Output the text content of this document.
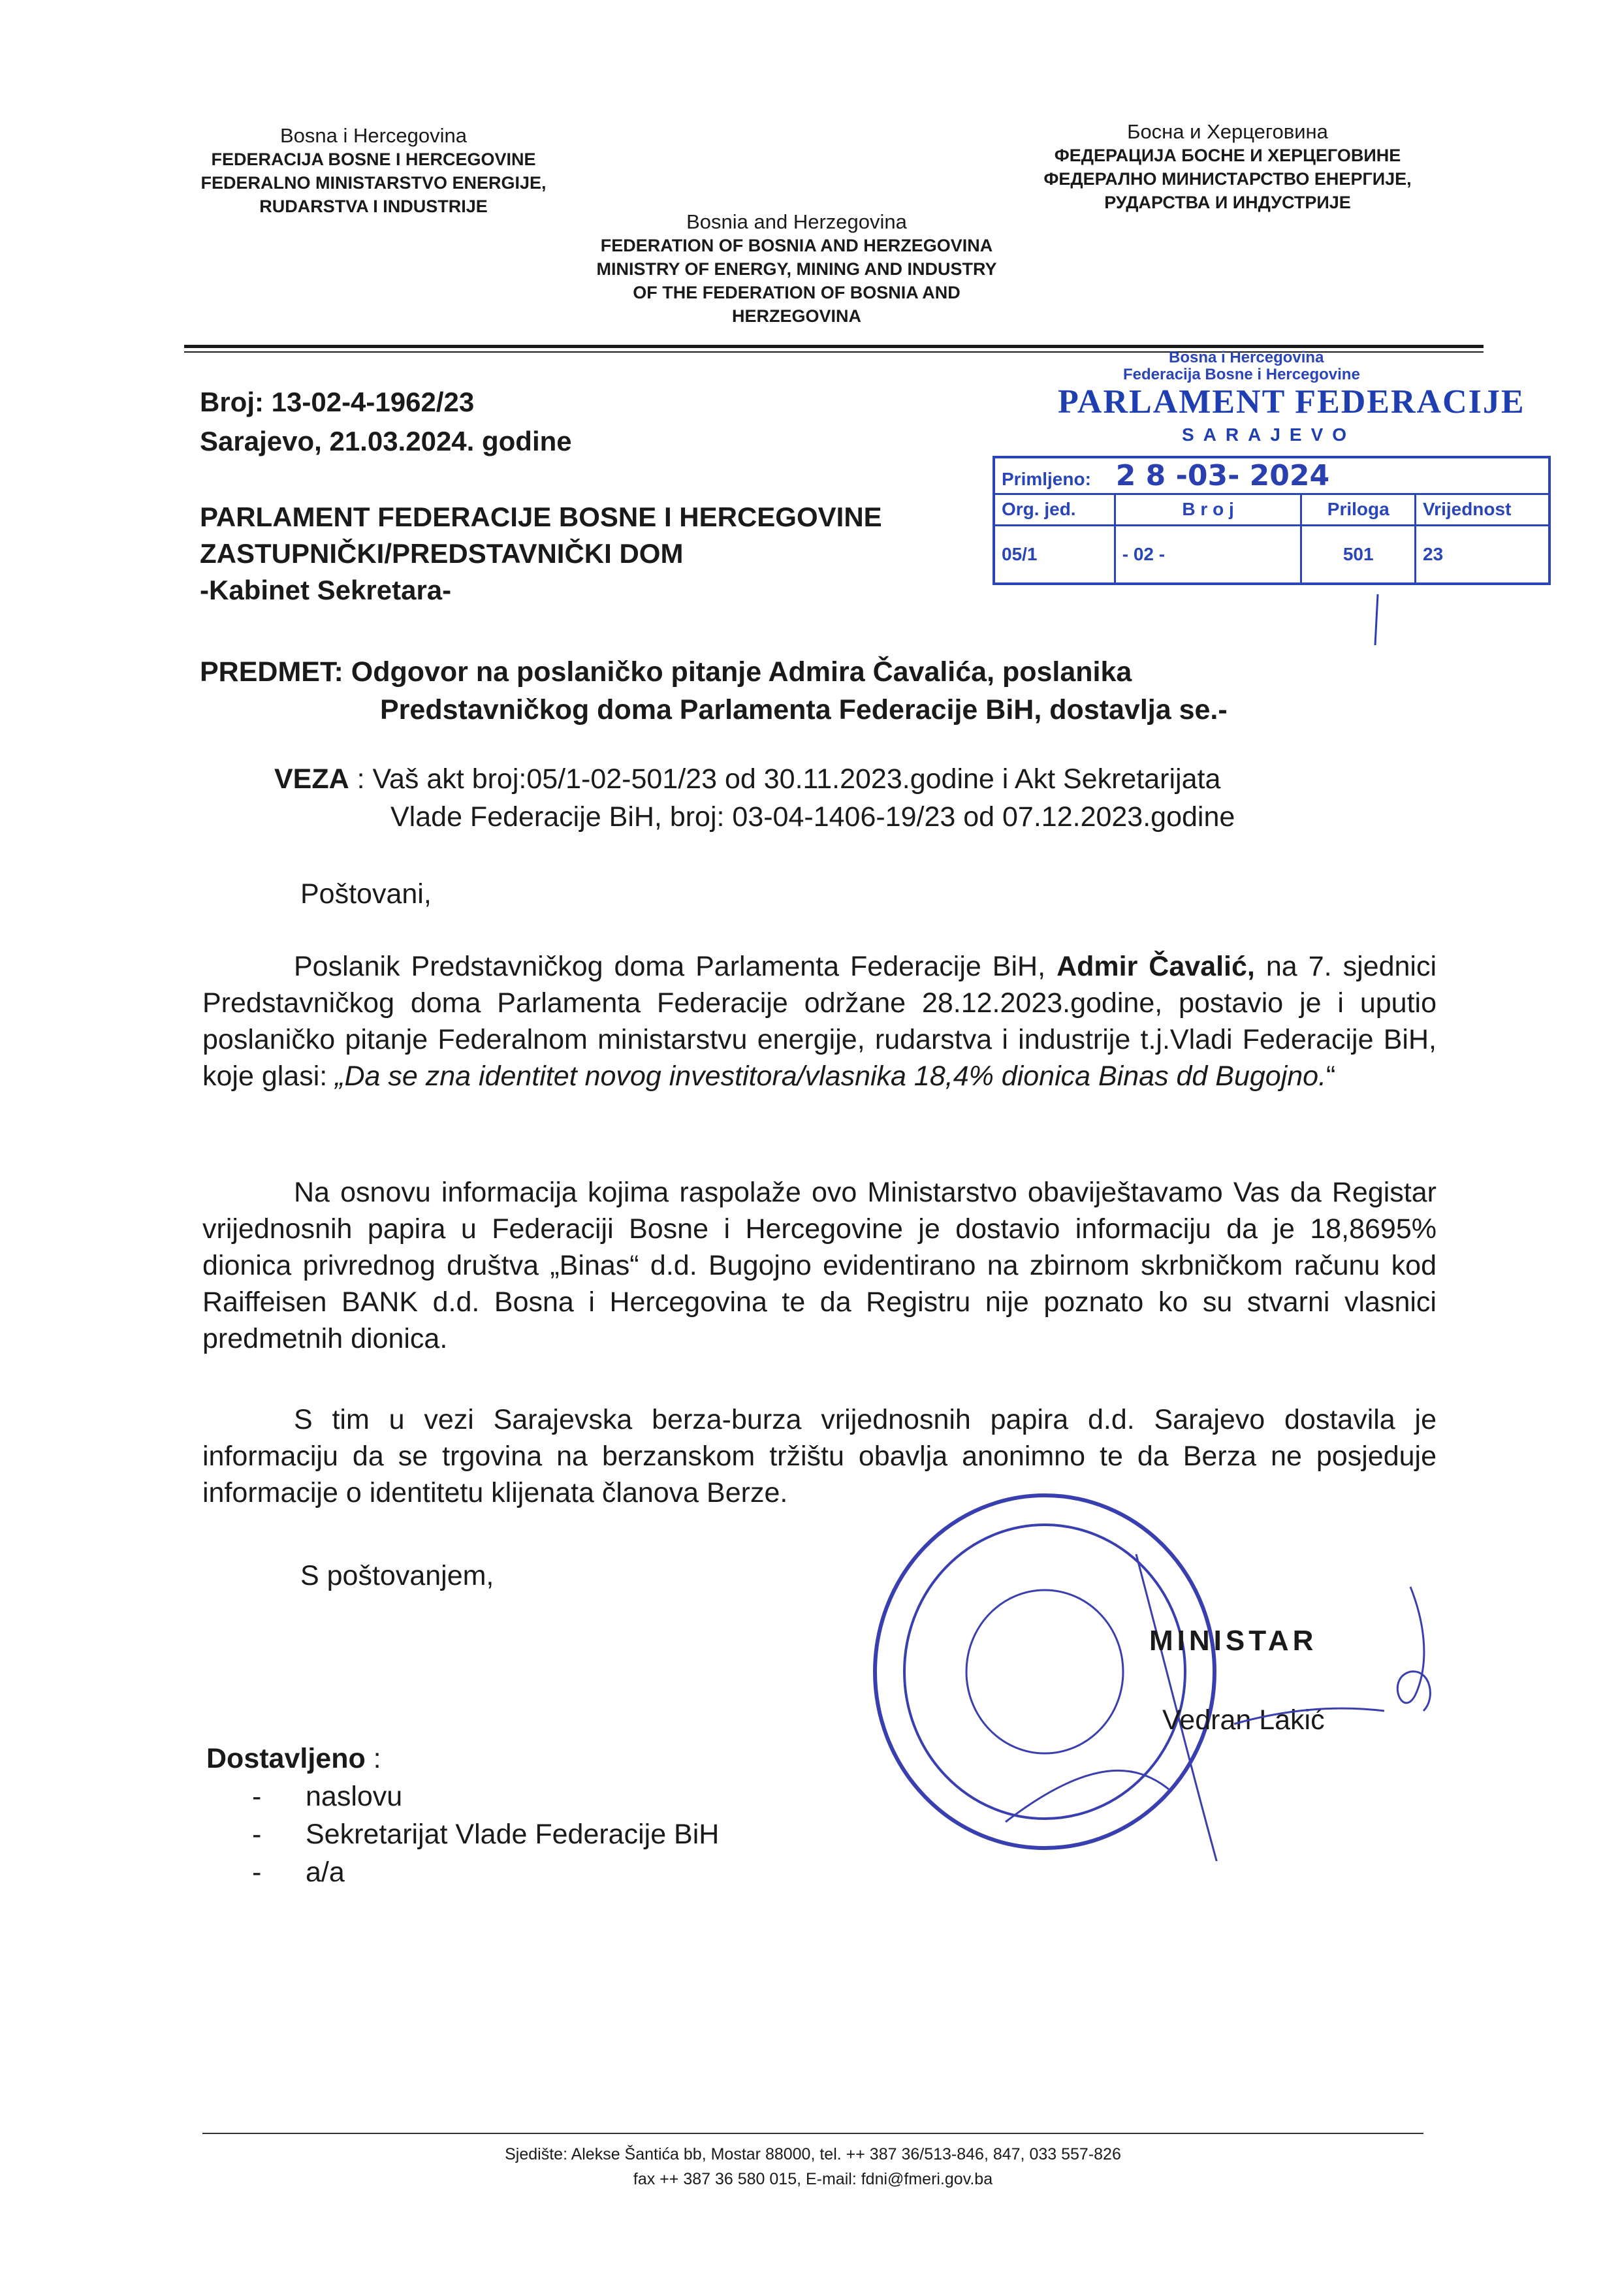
Bosna i Hercegovina
FEDERACIJA BOSNE I HERCEGOVINE
FEDERALNO MINISTARSTVO ENERGIJE,
RUDARSTVA I INDUSTRIJE
Bosnia and Herzegovina
FEDERATION OF BOSNIA AND HERZEGOVINA
MINISTRY OF ENERGY, MINING AND INDUSTRY
OF THE FEDERATION OF BOSNIA AND
HERZEGOVINA
Босна и Херцеговина
ФЕДЕРАЦИЈА БОСНЕ И ХЕРЦЕГОВИНЕ
ФЕДЕРАЛНО МИНИСТАРСТВО ЕНЕРГИЈЕ,
РУДАРСТВА И ИНДУСТРИЈЕ
Broj: 13-02-4-1962/23
Sarajevo, 21.03.2024. godine
PARLAMENT FEDERACIJE BOSNE I HERCEGOVINE
ZASTUPNIČKI/PREDSTAVNIČKI DOM
-Kabinet Sekretara-
Bosna i Hercegovina
Federacija Bosne i Hercegovine
PARLAMENT FEDERACIJE
SARAJEVO
Primljeno: 2 8 -03- 2024			
Org. jed.	B r o j	Priloga	Vrijednost
05/1	- 02 -	501	23
PREDMET: Odgovor na poslaničko pitanje Admira Čavalića, poslanika
Predstavničkog doma Parlamenta Federacije BiH, dostavlja se.-
VEZA : Vaš akt broj:05/1-02-501/23 od 30.11.2023.godine i Akt Sekretarijata
Vlade Federacije BiH, broj: 03-04-1406-19/23 od 07.12.2023.godine
Poštovani,
Poslanik Predstavničkog doma Parlamenta Federacije BiH, Admir Čavalić, na 7. sjednici Predstavničkog doma Parlamenta Federacije održane 28.12.2023.godine, postavio je i uputio poslaničko pitanje Federalnom ministarstvu energije, rudarstva i industrije t.j.Vladi Federacije BiH, koje glasi: „Da se zna identitet novog investitora/vlasnika 18,4% dionica Binas dd Bugojno.“
Na osnovu informacija kojima raspolaže ovo Ministarstvo obaviještavamo Vas da Registar vrijednosnih papira u Federaciji Bosne i Hercegovine je dostavio informaciju da je 18,8695% dionica privrednog društva „Binas“ d.d. Bugojno evidentirano na zbirnom skrbničkom računu kod Raiffeisen BANK d.d. Bosna i Hercegovina te da Registru nije poznato ko su stvarni vlasnici predmetnih dionica.
S tim u vezi Sarajevska berza-burza vrijednosnih papira d.d. Sarajevo dostavila je informaciju da se trgovina na berzanskom tržištu obavlja anonimno te da Berza ne posjeduje informacije o identitetu klijenata članova Berze.
S poštovanjem,
MINISTAR
Vedran Lakić
Dostavljeno :
- naslovu
- Sekretarijat Vlade Federacije BiH
- a/a
Sjedište: Alekse Šantića bb, Mostar 88000, tel. ++ 387 36/513-846, 847, 033 557-826
fax ++ 387 36 580 015, E-mail: fdni@fmeri.gov.ba
